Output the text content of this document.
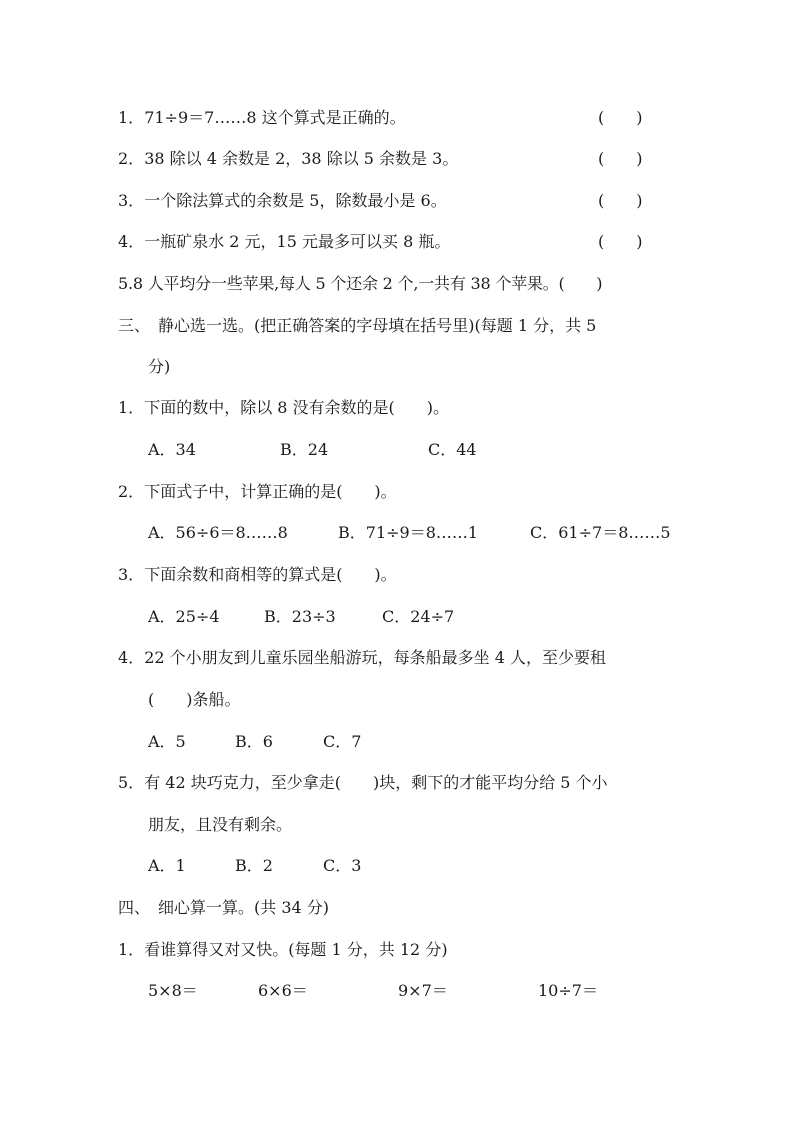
1．71÷9＝7……8 这个算式是正确的。	(　　)
2．38 除以 4 余数是 2，38 除以 5 余数是 3。	(　　)
3．一个除法算式的余数是 5，除数最小是 6。	(　　)
4．一瓶矿泉水 2 元，15 元最多可以买 8 瓶。	(　　)
5.8 人平均分一些苹果,每人 5 个还余 2 个,一共有 38 个苹果。(　　)
三、　静心选一选。(把正确答案的字母填在括号里)(每题 1 分，共 5
分)
1．下面的数中，除以 8 没有余数的是(　　)。
A．34	B．24	C．44
2．下面式子中，计算正确的是(　　)。
A．56÷6＝8……8	B．71÷9＝8……1	C．61÷7＝8……5
3．下面余数和商相等的算式是(　　)。
A．25÷4	B．23÷3	C．24÷7
4．22 个小朋友到儿童乐园坐船游玩，每条船最多坐 4 人，至少要租
(　　)条船。
A．5	B．6	C．7
5．有 42 块巧克力，至少拿走(　　)块，剩下的才能平均分给 5 个小
朋友，且没有剩余。
A．1	B．2	C．3
四、　细心算一算。(共 34 分)
1．看谁算得又对又快。(每题 1 分，共 12 分)
5×8＝	6×6＝	9×7＝	10÷7＝
